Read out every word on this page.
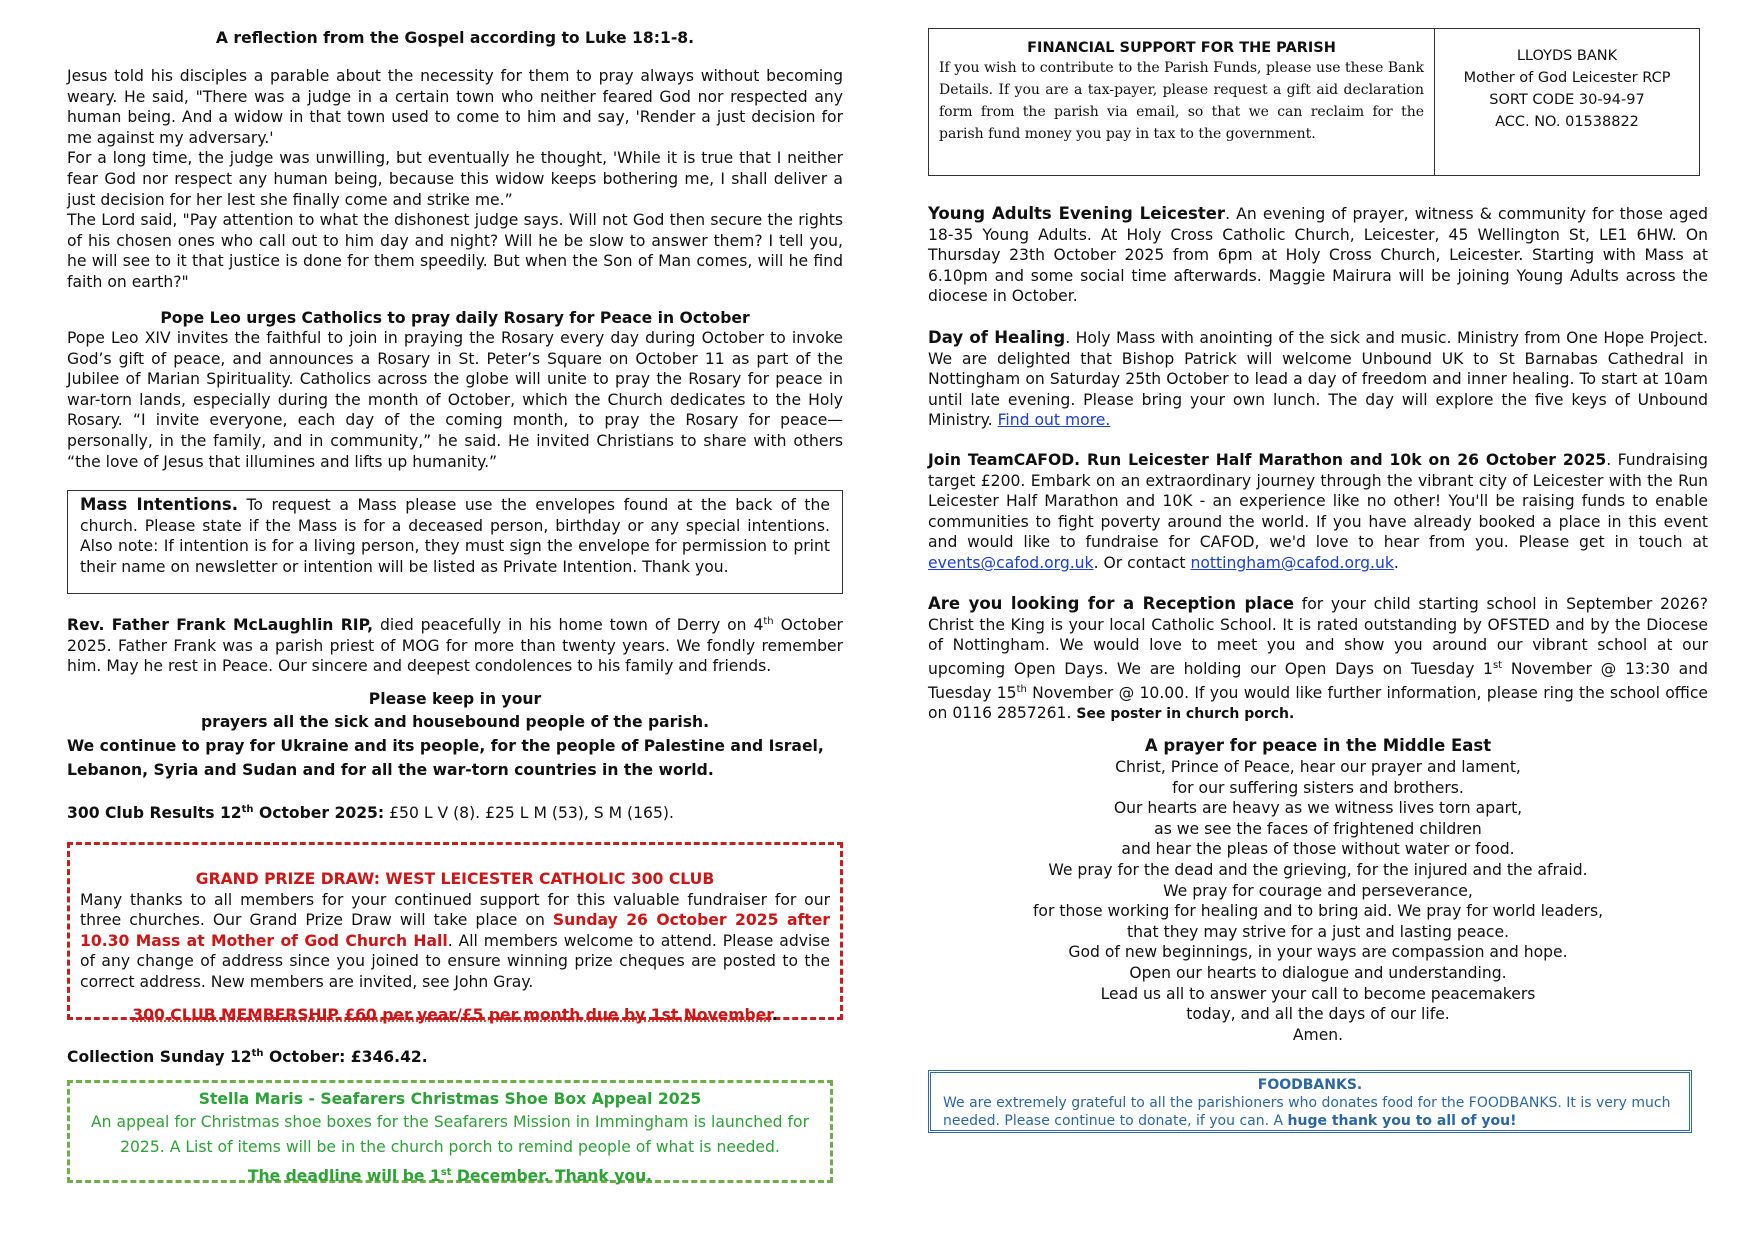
A reflection from the Gospel according to Luke 18:1-8.

Jesus told his disciples a parable about the necessity for them to pray always without becoming weary. He said, "There was a judge in a certain town who neither feared God nor respected any human being. And a widow in that town used to come to him and say, 'Render a just decision for me against my adversary.'

For a long time, the judge was unwilling, but eventually he thought, 'While it is true that I neither fear God nor respect any human being, because this widow keeps bothering me, I shall deliver a just decision for her lest she finally come and strike me.”

The Lord said, "Pay attention to what the dishonest judge says. Will not God then secure the rights of his chosen ones who call out to him day and night? Will he be slow to answer them? I tell you, he will see to it that justice is done for them speedily. But when the Son of Man comes, will he find faith on earth?"

Pope Leo urges Catholics to pray daily Rosary for Peace in October

Pope Leo XIV invites the faithful to join in praying the Rosary every day during October to invoke God’s gift of peace, and announces a Rosary in St. Peter’s Square on October 11 as part of the Jubilee of Marian Spirituality. Catholics across the globe will unite to pray the Rosary for peace in war-torn lands, especially during the month of October, which the Church dedicates to the Holy Rosary. “I invite everyone, each day of the coming month, to pray the Rosary for peace—personally, in the family, and in community,” he said. He invited Christians to share with others “the love of Jesus that illumines and lifts up humanity.”

Mass Intentions. To request a Mass please use the envelopes found at the back of the church. Please state if the Mass is for a deceased person, birthday or any special intentions. Also note: If intention is for a living person, they must sign the envelope for permission to print their name on newsletter or intention will be listed as Private Intention. Thank you.

Rev. Father Frank McLaughlin RIP, died peacefully in his home town of Derry on 4th October 2025. Father Frank was a parish priest of MOG for more than twenty years. We fondly remember him. May he rest in Peace. Our sincere and deepest condolences to his family and friends.

Please keep in your

prayers all the sick and housebound people of the parish.

We continue to pray for Ukraine and its people, for the people of Palestine and Israel, Lebanon, Syria and Sudan and for all the war-torn countries in the world.

300 Club Results 12th October 2025: £50 L V (8). £25 L M (53), S M (165).

GRAND PRIZE DRAW: WEST LEICESTER CATHOLIC 300 CLUB

Many thanks to all members for your continued support for this valuable fundraiser for our three churches. Our Grand Prize Draw will take place on Sunday 26 October 2025 after 10.30 Mass at Mother of God Church Hall. All members welcome to attend. Please advise of any change of address since you joined to ensure winning prize cheques are posted to the correct address. New members are invited, see John Gray.

300 CLUB MEMBERSHIP £60 per year/£5 per month due by 1st November.

Collection Sunday 12th October: £346.42.

Stella Maris - Seafarers Christmas Shoe Box Appeal 2025

An appeal for Christmas shoe boxes for the Seafarers Mission in Immingham is launched for 2025. A List of items will be in the church porch to remind people of what is needed.

The deadline will be 1st December. Thank you.

FINANCIAL SUPPORT FOR THE PARISH

If you wish to contribute to the Parish Funds, please use these Bank Details. If you are a tax-payer, please request a gift aid declaration form from the parish via email, so that we can reclaim for the parish fund money you pay in tax to the government.

LLOYDS BANK

Mother of God Leicester RCP

SORT CODE 30-94-97

ACC. NO. 01538822

Young Adults Evening Leicester. An evening of prayer, witness & community for those aged 18-35 Young Adults. At Holy Cross Catholic Church, Leicester, 45 Wellington St, LE1 6HW. On Thursday 23th October 2025 from 6pm at Holy Cross Church, Leicester. Starting with Mass at 6.10pm and some social time afterwards. Maggie Mairura will be joining Young Adults across the diocese in October.

Day of Healing. Holy Mass with anointing of the sick and music. Ministry from One Hope Project. We are delighted that Bishop Patrick will welcome Unbound UK to St Barnabas Cathedral in Nottingham on Saturday 25th October to lead a day of freedom and inner healing. To start at 10am until late evening. Please bring your own lunch. The day will explore the five keys of Unbound Ministry. Find out more.

Join TeamCAFOD. Run Leicester Half Marathon and 10k on 26 October 2025. Fundraising target £200. Embark on an extraordinary journey through the vibrant city of Leicester with the Run Leicester Half Marathon and 10K - an experience like no other! You'll be raising funds to enable communities to fight poverty around the world. If you have already booked a place in this event and would like to fundraise for CAFOD, we'd love to hear from you. Please get in touch at events@cafod.org.uk. Or contact nottingham@cafod.org.uk.

Are you looking for a Reception place for your child starting school in September 2026? Christ the King is your local Catholic School. It is rated outstanding by OFSTED and by the Diocese of Nottingham. We would love to meet you and show you around our vibrant school at our upcoming Open Days. We are holding our Open Days on Tuesday 1st November @ 13:30 and Tuesday 15th November @ 10.00. If you would like further information, please ring the school office on 0116 2857261. See poster in church porch.

A prayer for peace in the Middle East

Christ, Prince of Peace, hear our prayer and lament,
for our suffering sisters and brothers.
Our hearts are heavy as we witness lives torn apart,
as we see the faces of frightened children
and hear the pleas of those without water or food.
We pray for the dead and the grieving, for the injured and the afraid.
We pray for courage and perseverance,
for those working for healing and to bring aid. We pray for world leaders,
that they may strive for a just and lasting peace.
God of new beginnings, in your ways are compassion and hope.
Open our hearts to dialogue and understanding.
Lead us all to answer your call to become peacemakers
today, and all the days of our life.
Amen.

FOODBANKS.

We are extremely grateful to all the parishioners who donates food for the FOODBANKS. It is very much needed. Please continue to donate, if you can. A huge thank you to all of you!
